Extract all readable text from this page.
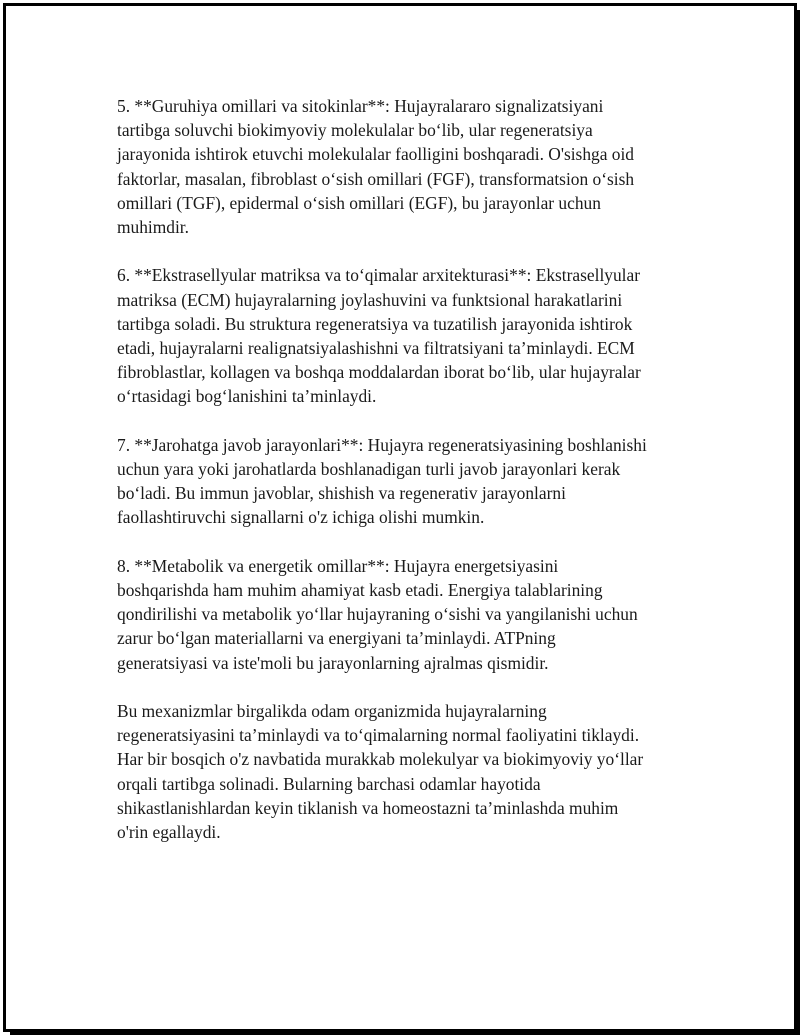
5. **Guruhiya omillari va sitokinlar**: Hujayralararo signalizatsiyani
tartibga soluvchi biokimyoviy molekulalar boʻlib, ular regeneratsiya
jarayonida ishtirok etuvchi molekulalar faolligini boshqaradi. O'sishga oid
faktorlar, masalan, fibroblast oʻsish omillari (FGF), transformatsion oʻsish
omillari (TGF), epidermal oʻsish omillari (EGF), bu jarayonlar uchun
muhimdir.

6. **Ekstrasellyular matriksa va toʻqimalar arxitekturasi**: Ekstrasellyular
matriksa (ECM) hujayralarning joylashuvini va funktsional harakatlarini
tartibga soladi. Bu struktura regeneratsiya va tuzatilish jarayonida ishtirok
etadi, hujayralarni realignatsiyalashishni va filtratsiyani taʼminlaydi. ECM
fibroblastlar, kollagen va boshqa moddalardan iborat boʻlib, ular hujayralar
oʻrtasidagi bogʻlanishini taʼminlaydi.

7. **Jarohatga javob jarayonlari**: Hujayra regeneratsiyasining boshlanishi
uchun yara yoki jarohatlarda boshlanadigan turli javob jarayonlari kerak
boʻladi. Bu immun javoblar, shishish va regenerativ jarayonlarni
faollashtiruvchi signallarni o'z ichiga olishi mumkin.

8. **Metabolik va energetik omillar**: Hujayra energetsiyasini
boshqarishda ham muhim ahamiyat kasb etadi. Energiya talablarining
qondirilishi va metabolik yoʻllar hujayraning oʻsishi va yangilanishi uchun
zarur boʻlgan materiallarni va energiyani taʼminlaydi. ATPning
generatsiyasi va iste'moli bu jarayonlarning ajralmas qismidir.

Bu mexanizmlar birgalikda odam organizmida hujayralarning
regeneratsiyasini taʼminlaydi va toʻqimalarning normal faoliyatini tiklaydi.
Har bir bosqich o'z navbatida murakkab molekulyar va biokimyoviy yoʻllar
orqali tartibga solinadi. Bularning barchasi odamlar hayotida
shikastlanishlardan keyin tiklanish va homeostazni taʼminlashda muhim
o'rin egallaydi.
